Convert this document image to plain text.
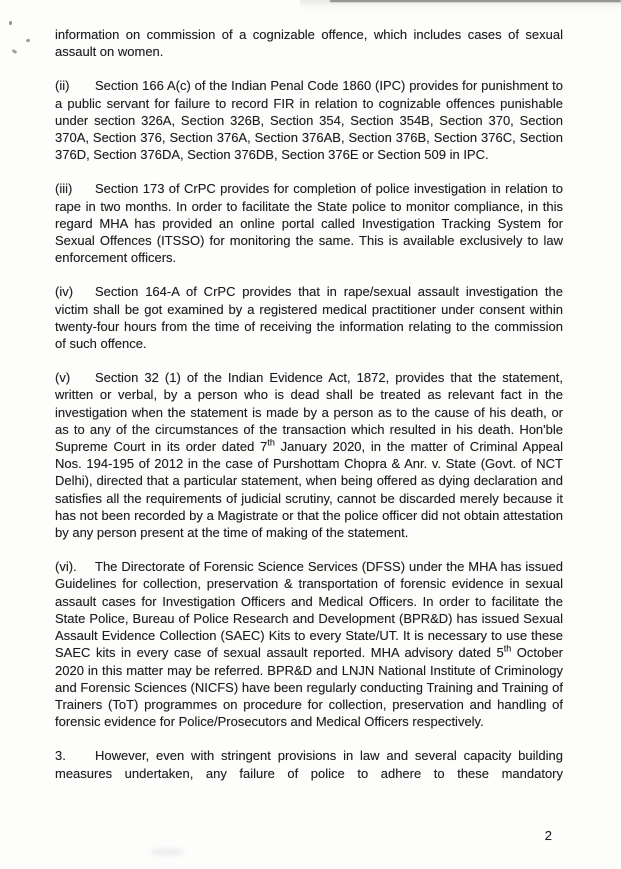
information on commission of a cognizable offence, which includes cases of sexual assault on women.

(ii) Section 166 A(c) of the Indian Penal Code 1860 (IPC) provides for punishment to a public servant for failure to record FIR in relation to cognizable offences punishable under section 326A, Section 326B, Section 354, Section 354B, Section 370, Section 370A, Section 376, Section 376A, Section 376AB, Section 376B, Section 376C, Section 376D, Section 376DA, Section 376DB, Section 376E or Section 509 in IPC.

(iii) Section 173 of CrPC provides for completion of police investigation in relation to rape in two months. In order to facilitate the State police to monitor compliance, in this regard MHA has provided an online portal called Investigation Tracking System for Sexual Offences (ITSSO) for monitoring the same. This is available exclusively to law enforcement officers.

(iv) Section 164-A of CrPC provides that in rape/sexual assault investigation the victim shall be got examined by a registered medical practitioner under consent within twenty-four hours from the time of receiving the information relating to the commission of such offence.

(v) Section 32 (1) of the Indian Evidence Act, 1872, provides that the statement, written or verbal, by a person who is dead shall be treated as relevant fact in the investigation when the statement is made by a person as to the cause of his death, or as to any of the circumstances of the transaction which resulted in his death. Hon'ble Supreme Court in its order dated 7th January 2020, in the matter of Criminal Appeal Nos. 194-195 of 2012 in the case of Purshottam Chopra & Anr. v. State (Govt. of NCT Delhi), directed that a particular statement, when being offered as dying declaration and satisfies all the requirements of judicial scrutiny, cannot be discarded merely because it has not been recorded by a Magistrate or that the police officer did not obtain attestation by any person present at the time of making of the statement.

(vi). The Directorate of Forensic Science Services (DFSS) under the MHA has issued Guidelines for collection, preservation & transportation of forensic evidence in sexual assault cases for Investigation Officers and Medical Officers. In order to facilitate the State Police, Bureau of Police Research and Development (BPR&D) has issued Sexual Assault Evidence Collection (SAEC) Kits to every State/UT. It is necessary to use these SAEC kits in every case of sexual assault reported. MHA advisory dated 5th October 2020 in this matter may be referred. BPR&D and LNJN National Institute of Criminology and Forensic Sciences (NICFS) have been regularly conducting Training and Training of Trainers (ToT) programmes on procedure for collection, preservation and handling of forensic evidence for Police/Prosecutors and Medical Officers respectively.

3. However, even with stringent provisions in law and several capacity building measures undertaken, any failure of police to adhere to these mandatory

2
